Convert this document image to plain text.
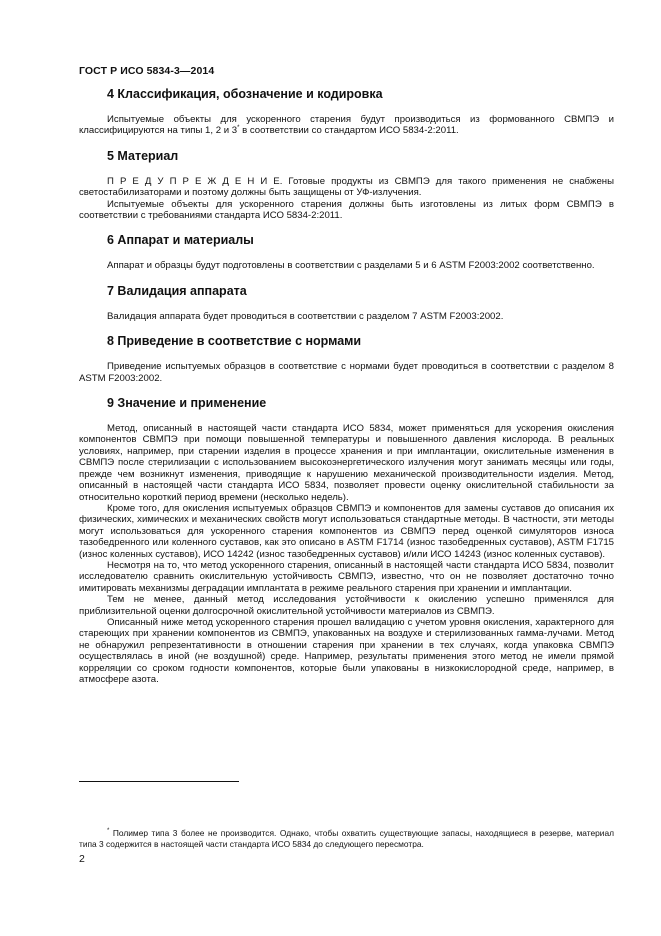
ГОСТ Р ИСО 5834-3—2014
4 Классификация, обозначение и кодировка

Испытуемые объекты для ускоренного старения будут производиться из формованного СВМПЭ и классифицируются на типы 1, 2 и 3* в соответствии со стандартом ИСО 5834-2:2011.

5 Материал

П Р Е Д У П Р Е Ж Д Е Н И Е. Готовые продукты из СВМПЭ для такого применения не снабжены светостабилизаторами и поэтому должны быть защищены от УФ-излучения.

Испытуемые объекты для ускоренного старения должны быть изготовлены из литых форм СВМПЭ в соответствии с требованиями стандарта ИСО 5834-2:2011.

6 Аппарат и материалы

Аппарат и образцы будут подготовлены в соответствии с разделами 5 и 6 ASTM F2003:2002 соответственно.

7 Валидация аппарата

Валидация аппарата будет проводиться в соответствии с разделом 7 ASTM F2003:2002.

8 Приведение в соответствие с нормами

Приведение испытуемых образцов в соответствие с нормами будет проводиться в соответствии с разделом 8 ASTM F2003:2002.

9 Значение и применение

Метод, описанный в настоящей части стандарта ИСО 5834, может применяться для ускорения окисления компонентов СВМПЭ при помощи повышенной температуры и повышенного давления кислорода. В реальных условиях, например, при старении изделия в процессе хранения и при имплантации, окислительные изменения в СВМПЭ после стерилизации с использованием высокоэнергетического излучения могут занимать месяцы или годы, прежде чем возникнут изменения, приводящие к нарушению механической производительности изделия. Метод, описанный в настоящей части стандарта ИСО 5834, позволяет провести оценку окислительной стабильности за относительно короткий период времени (несколько недель).

Кроме того, для окисления испытуемых образцов СВМПЭ и компонентов для замены суставов до описания их физических, химических и механических свойств могут использоваться стандартные методы. В частности, эти методы могут использоваться для ускоренного старения компонентов из СВМПЭ перед оценкой симуляторов износа тазобедренного или коленного суставов, как это описано в ASTM F1714 (износ тазобедренных суставов), ASTM F1715 (износ коленных суставов), ИСО 14242 (износ тазобедренных суставов) и/или ИСО 14243 (износ коленных суставов).

Несмотря на то, что метод ускоренного старения, описанный в настоящей части стандарта ИСО 5834, позволит исследователю сравнить окислительную устойчивость СВМПЭ, известно, что он не позволяет достаточно точно имитировать механизмы деградации имплантата в режиме реального старения при хранении и имплантации.

Тем не менее, данный метод исследования устойчивости к окислению успешно применялся для приблизительной оценки долгосрочной окислительной устойчивости материалов из СВМПЭ.

Описанный ниже метод ускоренного старения прошел валидацию с учетом уровня окисления, характерного для стареющих при хранении компонентов из СВМПЭ, упакованных на воздухе и стерилизованных гамма-лучами. Метод не обнаружил репрезентативности в отношении старения при хранении в тех случаях, когда упаковка СВМПЭ осуществлялась в иной (не воздушной) среде. Например, результаты применения этого метод не имели прямой корреляции со сроком годности компонентов, которые были упакованы в низкокислородной среде, например, в атмосфере азота.

* Полимер типа 3 более не производится. Однако, чтобы охватить существующие запасы, находящиеся в резерве, материал типа 3 содержится в настоящей части стандарта ИСО 5834 до следующего пересмотра.

2
